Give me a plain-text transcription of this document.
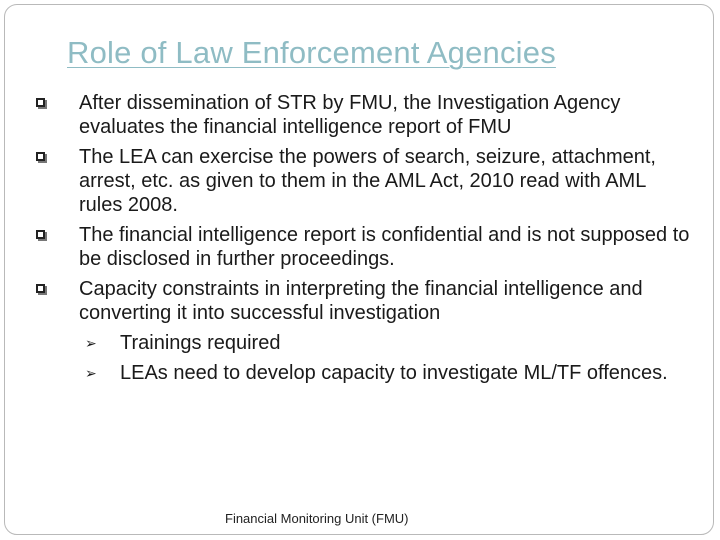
Role of Law Enforcement Agencies
After dissemination of STR by FMU, the Investigation Agency evaluates the financial intelligence report of FMU
The LEA can exercise the powers of search, seizure, attachment, arrest, etc. as given to them in the AML Act, 2010 read with AML rules 2008.
The financial intelligence report is confidential and is not supposed to be disclosed in further proceedings.
Capacity constraints in interpreting the financial intelligence and converting it into successful investigation
➢ Trainings required
➢ LEAs need to develop capacity to investigate ML/TF offences.
Financial Monitoring Unit (FMU)
